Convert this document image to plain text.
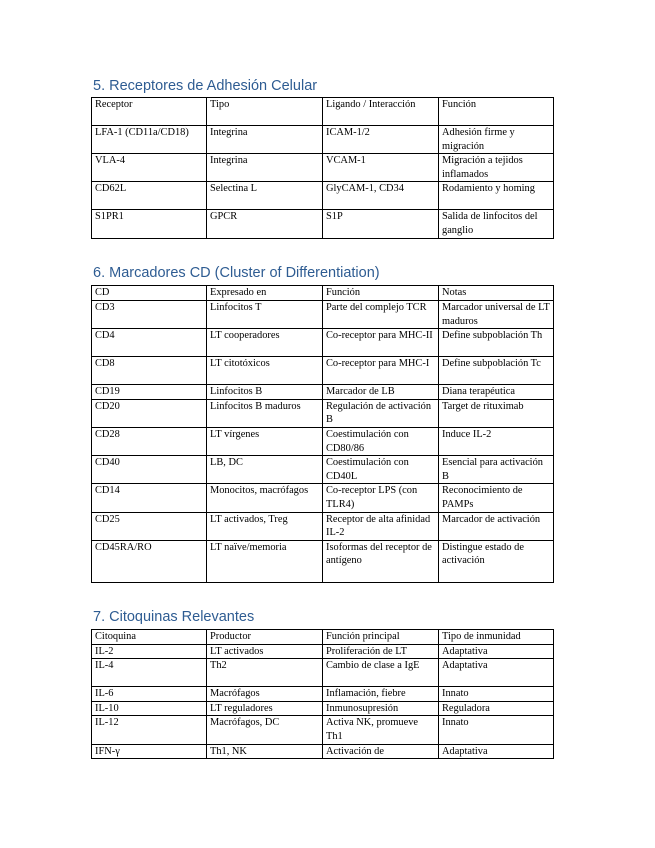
5. Receptores de Adhesión Celular
Receptor	Tipo	Ligando / Interacción	Función
LFA-1 (CD11a/CD18)	Integrina	ICAM-1/2	Adhesión firme y migración
VLA-4	Integrina	VCAM-1	Migración a tejidos inflamados
CD62L	Selectina L	GlyCAM-1, CD34	Rodamiento y homing
S1PR1	GPCR	S1P	Salida de linfocitos del ganglio
6. Marcadores CD (Cluster of Differentiation)
CD	Expresado en	Función	Notas
CD3	Linfocitos T	Parte del complejo TCR	Marcador universal de LT maduros
CD4	LT cooperadores	Co-receptor para MHC-II	Define subpoblación Th
CD8	LT citotóxicos	Co-receptor para MHC-I	Define subpoblación Tc
CD19	Linfocitos B	Marcador de LB	Diana terapéutica
CD20	Linfocitos B maduros	Regulación de activación B	Target de rituximab
CD28	LT vírgenes	Coestimulación con CD80/86	Induce IL-2
CD40	LB, DC	Coestimulación con CD40L	Esencial para activación B
CD14	Monocitos, macrófagos	Co-receptor LPS (con TLR4)	Reconocimiento de PAMPs
CD25	LT activados, Treg	Receptor de alta afinidad IL-2	Marcador de activación
CD45RA/RO	LT naïve/memoria	Isoformas del receptor de antígeno	Distingue estado de activación
7. Citoquinas Relevantes
Citoquina	Productor	Función principal	Tipo de inmunidad
IL-2	LT activados	Proliferación de LT	Adaptativa
IL-4	Th2	Cambio de clase a IgE	Adaptativa
IL-6	Macrófagos	Inflamación, fiebre	Innato
IL-10	LT reguladores	Inmunosupresión	Reguladora
IL-12	Macrófagos, DC	Activa NK, promueve Th1	Innato
IFN-γ	Th1, NK	Activación de	Adaptativa
